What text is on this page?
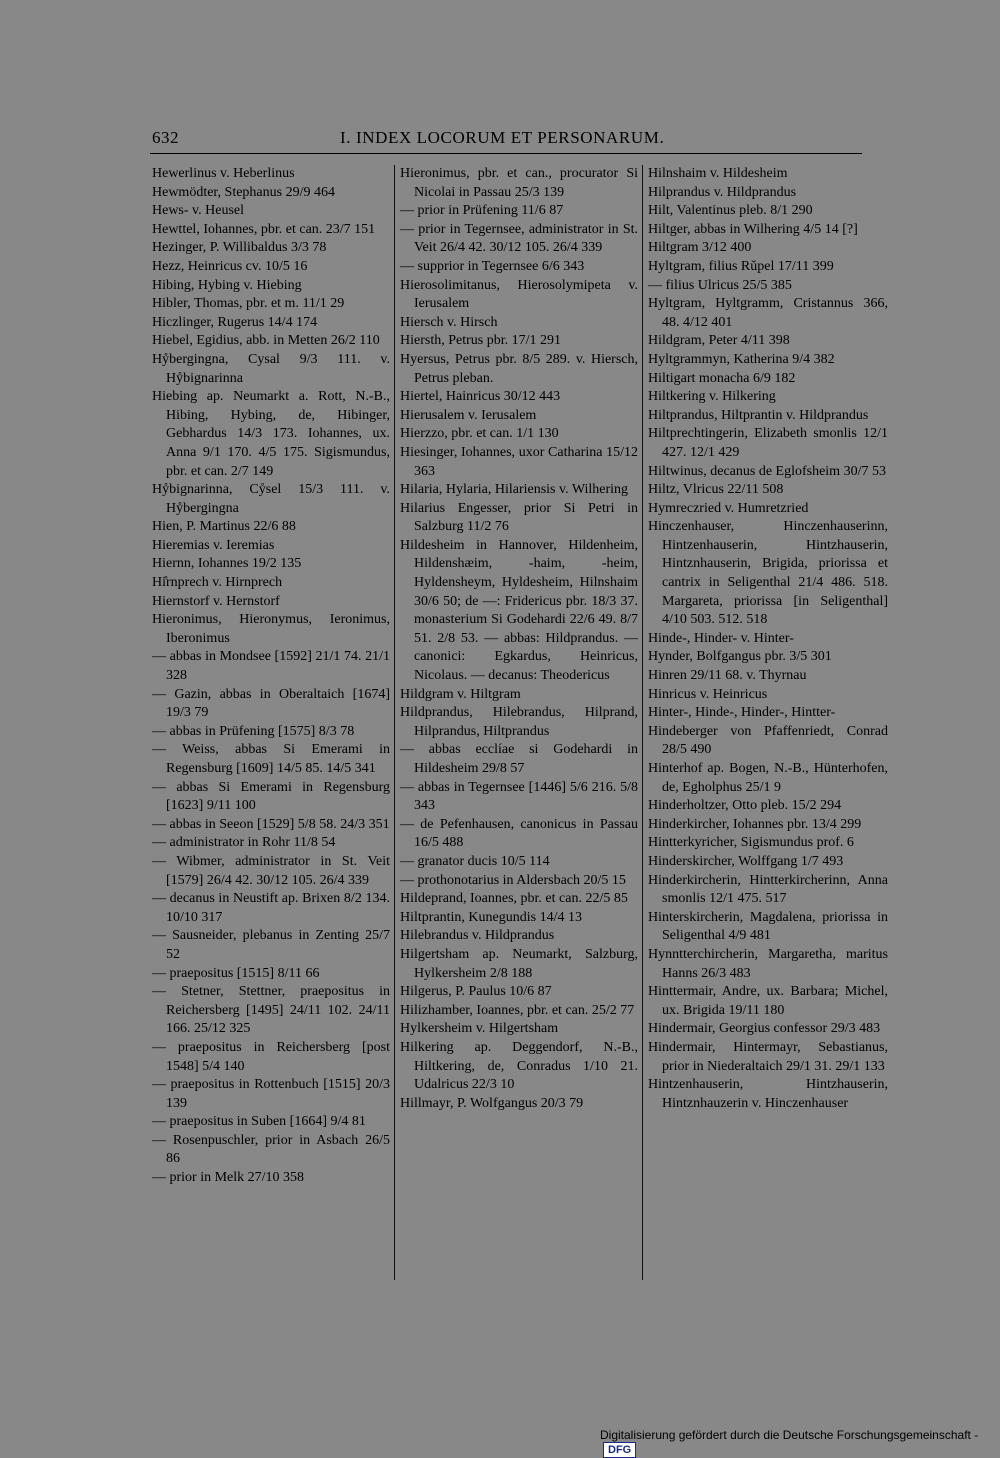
632	I. INDEX LOCORUM ET PERSONARUM.
Hewerlinus v. Heberlinus
Hewmödter, Stephanus 29/9 464
Hews- v. Heusel
Hewttel, Iohannes, pbr. et can. 23/7 151
Hezinger, P. Willibaldus 3/3 78
Hezz, Heinricus cv. 10/5 16
Hibing, Hybing v. Hiebing
Hibler, Thomas, pbr. et m. 11/1 29
Hiczlinger, Rugerus 14/4 174
Hiebel, Egidius, abb. in Metten 26/2 110
Hẙbergingna, Cysal 9/3 111. v. Hẙbignarinna
Hiebing ap. Neumarkt a. Rott, N.-B., Hibing, Hybing, de, Hibinger, Gebhardus 14/3 173. Iohannes, ux. Anna 9/1 170. 4/5 175. Sigismundus, pbr. et can. 2/7 149
Hẙbignarinna, Cẙsel 15/3 111. v. Hẙbergingna
Hien, P. Martinus 22/6 88
Hieremias v. Ieremias
Hiernn, Iohannes 19/2 135
Hi̊rnprech v. Hirnprech
Hiernstorf v. Hernstorf
Hieronimus, Hieronymus, Ieronimus, Iberonimus
— abbas in Mondsee [1592] 21/1 74. 21/1 328
— Gazin, abbas in Oberaltaich [1674] 19/3 79
— abbas in Prüfening [1575] 8/3 78
— Weiss, abbas Si Emerami in Regensburg [1609] 14/5 85. 14/5 341
— abbas Si Emerami in Regensburg [1623] 9/11 100
— abbas in Seeon [1529] 5/8 58. 24/3 351
— administrator in Rohr 11/8 54
— Wibmer, administrator in St. Veit [1579] 26/4 42. 30/12 105. 26/4 339
— decanus in Neustift ap. Brixen 8/2 134. 10/10 317
— Sausneider, plebanus in Zenting 25/7 52
— praepositus [1515] 8/11 66
— Stetner, Stettner, praepositus in Reichersberg [1495] 24/11 102. 24/11 166. 25/12 325
— praepositus in Reichersberg [post 1548] 5/4 140
— praepositus in Rottenbuch [1515] 20/3 139
— praepositus in Suben [1664] 9/4 81
— Rosenpuschler, prior in Asbach 26/5 86
— prior in Melk 27/10 358
Hieronimus, pbr. et can., procurator Si Nicolai in Passau 25/3 139
— prior in Prüfening 11/6 87
— prior in Tegernsee, administrator in St. Veit 26/4 42. 30/12 105. 26/4 339
— supprior in Tegernsee 6/6 343
Hierosolimitanus, Hierosolymipeta v. Ierusalem
Hiersch v. Hirsch
Hiersth, Petrus pbr. 17/1 291
Hyersus, Petrus pbr. 8/5 289. v. Hiersch, Petrus pleban.
Hiertel, Hainricus 30/12 443
Hierusalem v. Ierusalem
Hierzzo, pbr. et can. 1/1 130
Hiesinger, Iohannes, uxor Catharina 15/12 363
Hilaria, Hylaria, Hilariensis v. Wilhering
Hilarius Engesser, prior Si Petri in Salzburg 11/2 76
Hildesheim in Hannover, Hildenheim, Hildenshæim, -haim, -heim, Hyldensheym, Hyldesheim, Hilnshaim 30/6 50; de —: Fridericus pbr. 18/3 37. monasterium Si Godehardi 22/6 49. 8/7 51. 2/8 53. — abbas: Hildprandus. — canonici: Egkardus, Heinricus, Nicolaus. — decanus: Theodericus
Hildgram v. Hiltgram
Hildprandus, Hilebrandus, Hilprand, Hilprandus, Hiltprandus
— abbas ecclíae si Godehardi in Hildesheim 29/8 57
— abbas in Tegernsee [1446] 5/6 216. 5/8 343
— de Pefenhausen, canonicus in Passau 16/5 488
— granator ducis 10/5 114
— prothonotarius in Aldersbach 20/5 15
Hildeprand, Ioannes, pbr. et can. 22/5 85
Hiltprantin, Kunegundis 14/4 13
Hilebrandus v. Hildprandus
Hilgertsham ap. Neumarkt, Salzburg, Hylkersheim 2/8 188
Hilgerus, P. Paulus 10/6 87
Hilizhamber, Ioannes, pbr. et can. 25/2 77
Hylkersheim v. Hilgertsham
Hilkering ap. Deggendorf, N.-B., Hiltkering, de, Conradus 1/10 21. Udalricus 22/3 10
Hillmayr, P. Wolfgangus 20/3 79
Hilnshaim v. Hildesheim
Hilprandus v. Hildprandus
Hilt, Valentinus pleb. 8/1 290
Hiltger, abbas in Wilhering 4/5 14 [?]
Hiltgram 3/12 400
Hyltgram, filius Rǔpel 17/11 399
— filius Ulricus 25/5 385
Hyltgram, Hyltgramm, Cristannus 366, 48. 4/12 401
Hildgram, Peter 4/11 398
Hyltgrammyn, Katherina 9/4 382
Hiltigart monacha 6/9 182
Hiltkering v. Hilkering
Hiltprandus, Hiltprantin v. Hildprandus
Hiltprechtingerin, Elizabeth smonlis 12/1 427. 12/1 429
Hiltwinus, decanus de Eglofsheim 30/7 53
Hiltz, Vlricus 22/11 508
Hymreczried v. Humretzried
Hinczenhauser, Hinczenhauserinn, Hintzenhauserin, Hintzhauserin, Hintznhauserin, Brigida, priorissa et cantrix in Seligenthal 21/4 486. 518. Margareta, priorissa [in Seligenthal] 4/10 503. 512. 518
Hinde-, Hinder- v. Hinter-
Hynder, Bolfgangus pbr. 3/5 301
Hinren 29/11 68. v. Thyrnau
Hinricus v. Heinricus
Hinter-, Hinde-, Hinder-, Hintter-
Hindeberger von Pfaffenriedt, Conrad 28/5 490
Hinterhof ap. Bogen, N.-B., Hünterhofen, de, Egholphus 25/1 9
Hinderholtzer, Otto pleb. 15/2 294
Hinderkircher, Iohannes pbr. 13/4 299
Hintterkyricher, Sigismundus prof. 6
Hinderskircher, Wolffgang 1/7 493
Hinderkircherin, Hintterkircherinn, Anna smonlis 12/1 475. 517
Hinterskircherin, Magdalena, priorissa in Seligenthal 4/9 481
Hynntterchircherin, Margaretha, maritus Hanns 26/3 483
Hinttermair, Andre, ux. Barbara; Michel, ux. Brigida 19/11 180
Hindermair, Georgius confessor 29/3 483
Hindermair, Hintermayr, Sebastianus, prior in Niederaltaich 29/1 31. 29/1 133
Hintzenhauserin, Hintzhauserin, Hintznhauzerin v. Hinczenhauser
Digitalisierung gefördert durch die Deutsche Forschungsgemeinschaft - DFG
